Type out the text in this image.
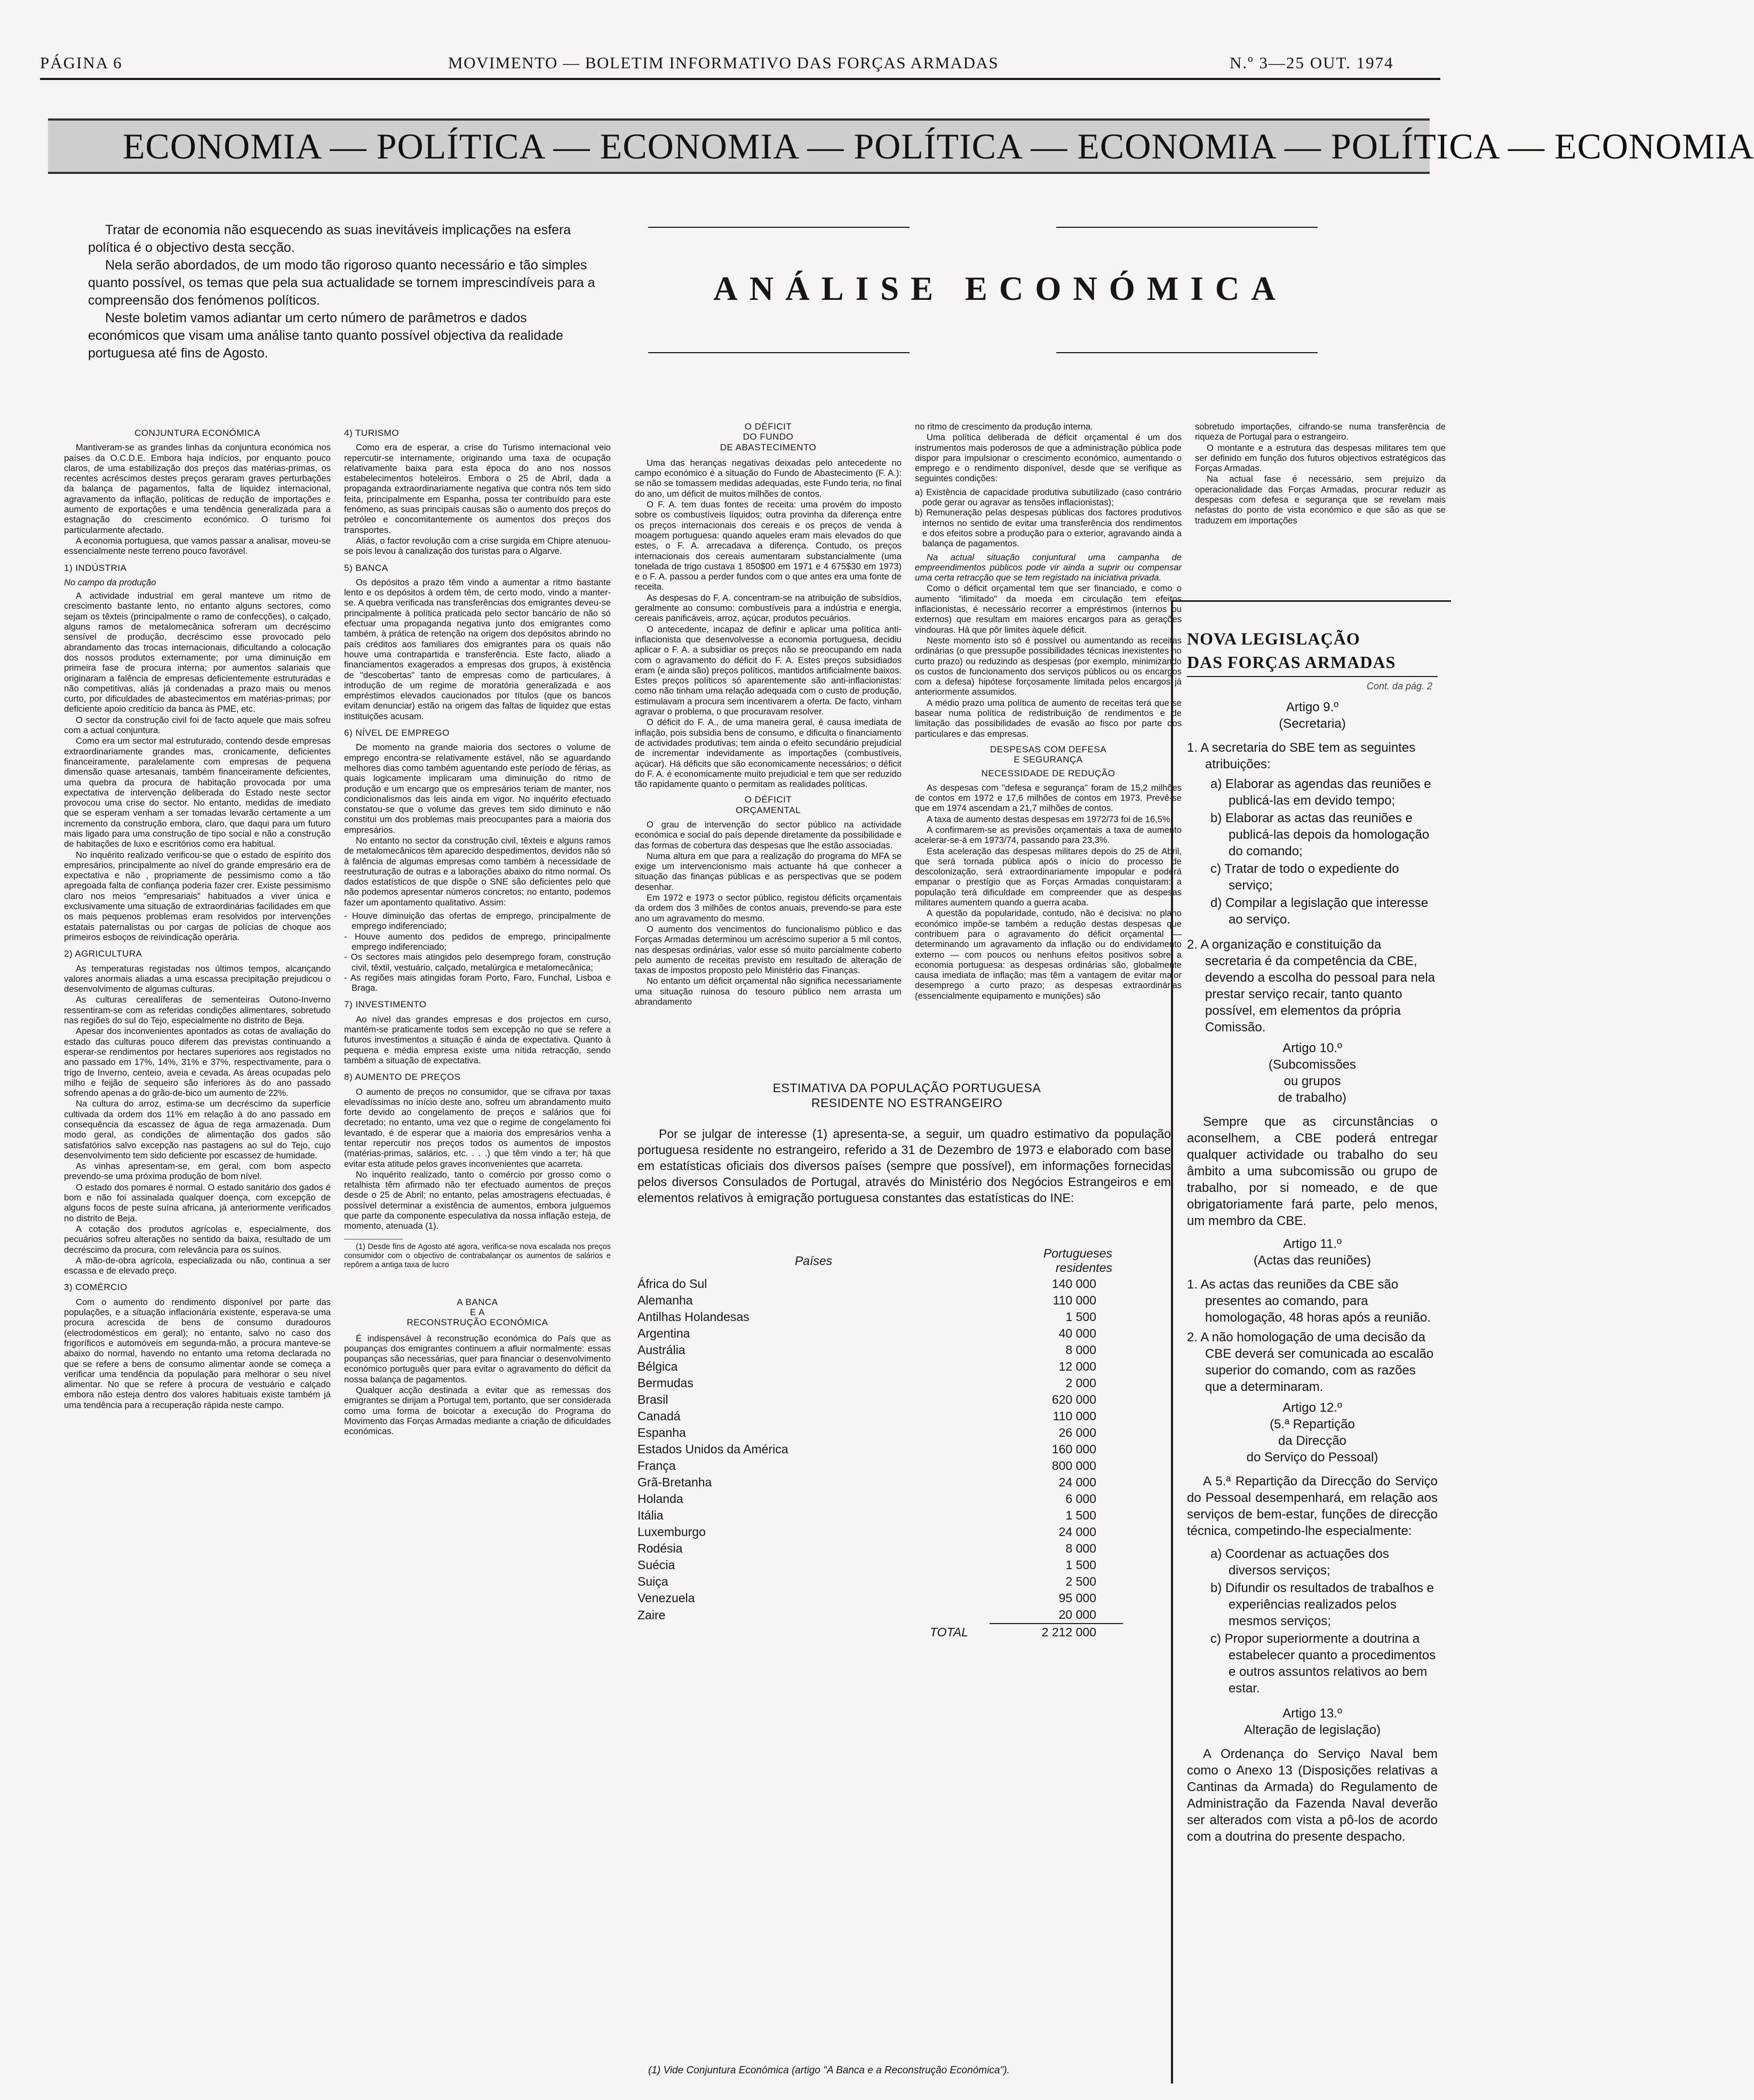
PÁGINA 6	MOVIMENTO — BOLETIM INFORMATIVO DAS FORÇAS ARMADAS	N.º 3—25 OUT. 1974
ECONOMIA — POLÍTICA — ECONOMIA — POLÍTICA — ECONOMIA — POLÍTICA — ECONOMIA

Tratar de economia não esquecendo as suas inevitáveis implicações na esfera política é o objectivo desta secção.

Nela serão abordados, de um modo tão rigoroso quanto necessário e tão simples quanto possível, os temas que pela sua actualidade se tornem imprescindíveis para a compreensão dos fenómenos políticos.

Neste boletim vamos adiantar um certo número de parâmetros e dados económicos que visam uma análise tanto quanto possível objectiva da realidade portuguesa até fins de Agosto.

ANÁLISE ECONÓMICA
CONJUNTURA ECONÓMICA

Mantiveram-se as grandes linhas da conjuntura económica nos países da O.C.D.E. Embora haja indícios, por enquanto pouco claros, de uma estabilização dos preços das matérias-primas, os recentes acréscimos destes preços geraram graves perturbações da balança de pagamentos, falta de liquidez internacional, agravamento da inflação, políticas de redução de importações e aumento de exportações e uma tendência generalizada para a estagnação do crescimento económico. O turismo foi particularmente afectado.

A economia portuguesa, que vamos passar a analisar, moveu-se essencialmente neste terreno pouco favorável.

1) INDÚSTRIA

No campo da produção

A actividade industrial em geral manteve um ritmo de crescimento bastante lento, no entanto alguns sectores, como sejam os têxteis (principalmente o ramo de confecções), o calçado, alguns ramos de metalomecânica sofreram um decréscimo sensível de produção, decréscimo esse provocado pelo abrandamento das trocas internacionais, dificultando a colocação dos nossos produtos externamente; por uma diminuição em primeira fase de procura interna; por aumentos salariais que originaram a falência de empresas deficientemente estruturadas e não competitivas, aliás já condenadas a prazo mais ou menos curto, por dificuldades de abastecimentos em matérias-primas; por deficiente apoio creditício da banca às PME, etc.

O sector da construção civil foi de facto aquele que mais sofreu com a actual conjuntura.

Como era um sector mal estruturado, contendo desde empresas extraordinariamente grandes mas, cronicamente, deficientes financeiramente, paralelamente com empresas de pequena dimensão quase artesanais, também financeiramente deficientes, uma quebra da procura de habitação provocada por uma expectativa de intervenção deliberada do Estado neste sector provocou uma crise do sector. No entanto, medidas de imediato que se esperam venham a ser tomadas levarão certamente a um incremento da construção embora, claro, que daqui para um futuro mais ligado para uma construção de tipo social e não a construção de habitações de luxo e escritórios como era habitual.

No inquérito realizado verificou-se que o estado de espírito dos empresários, principalmente ao nível do grande empresário era de expectativa e não , propriamente de pessimismo como a tão apregoada falta de confiança poderia fazer crer. Existe pessimismo claro nos meios "empresariais" habituados a viver única e exclusivamente uma situação de extraordinárias facilidades em que os mais pequenos problemas eram resolvidos por intervenções estatais paternalistas ou por cargas de polícias de choque aos primeiros esboços de reivindicação operária.

2) AGRICULTURA

As temperaturas registadas nos últimos tempos, alcançando valores anormais aliadas a uma escassa precipitação prejudicou o desenvolvimento de algumas culturas.

As culturas cerealíferas de sementeiras Outono-Inverno ressentiram-se com as referidas condições alimentares, sobretudo nas regiões do sul do Tejo, especialmente no distrito de Beja.

Apesar dos inconvenientes apontados as cotas de avaliação do estado das culturas pouco diferem das previstas continuando a esperar-se rendimentos por hectares superiores aos registados no ano passado em 17%, 14%, 31% e 37%, respectivamente, para o trigo de Inverno, centeio, aveia e cevada. As áreas ocupadas pelo milho e feijão de sequeiro são inferiores às do ano passado sofrendo apenas a do grão-de-bico um aumento de 22%.

Na cultura do arroz, estima-se um decréscimo da superfície cultivada da ordem dos 11% em relação à do ano passado em consequência da escassez de água de rega armazenada. Dum modo geral, as condições de alimentação dos gados são satisfatórios salvo excepção nas pastagens ao sul do Tejo, cujo desenvolvimento tem sido deficiente por escassez de humidade.

As vinhas apresentam-se, em geral, com bom aspecto prevendo-se uma próxima produção de bom nível.

O estado dos pomares é normal. O estado sanitário dos gados é bom e não foi assinalada qualquer doença, com excepção de alguns focos de peste suína africana, já anteriormente verificados no distrito de Beja.

A cotação dos produtos agrícolas e, especialmente, dos pecuários sofreu alterações no sentido da baixa, resultado de um decréscimo da procura, com relevância para os suínos.

A mão-de-obra agrícola, especializada ou não, continua a ser escassa e de elevado preço.

3) COMÉRCIO

Com o aumento do rendimento disponível por parte das populações, e a situação inflacionária existente, esperava-se uma procura acrescida de bens de consumo duradouros (electrodomésticos em geral); no entanto, salvo no caso dos frigoríficos e automóveis em segunda-mão, a procura manteve-se abaixo do normal, havendo no entanto uma retoma declarada no que se refere a bens de consumo alimentar aonde se começa a verificar uma tendência da população para melhorar o seu nível alimentar. No que se refere à procura de vestuário e calçado embora não esteja dentro dos valores habituais existe também já uma tendência para a recuperação rápida neste campo.

4) TURISMO

Como era de esperar, a crise do Turismo internacional veio repercutir-se internamente, originando uma taxa de ocupação relativamente baixa para esta época do ano nos nossos estabelecimentos hoteleiros. Embora o 25 de Abril, dada a propaganda extraordinariamente negativa que contra nós tem sido feita, principalmente em Espanha, possa ter contribuído para este fenómeno, as suas principais causas são o aumento dos preços do petróleo e concomitantemente os aumentos dos preços dos transportes.

Aliás, o factor revolução com a crise surgida em Chipre atenuou-se pois levou à canalização dos turistas para o Algarve.

5) BANCA

Os depósitos a prazo têm vindo a aumentar a ritmo bastante lento e os depósitos à ordem têm, de certo modo, vindo a manter-se. A quebra verificada nas transferências dos emigrantes deveu-se principalmente à política praticada pelo sector bancário de não só efectuar uma propaganda negativa junto dos emigrantes como também, à prática de retenção na origem dos depósitos abrindo no país créditos aos familiares dos emigrantes para os quais não houve uma contrapartida e transferência. Este facto, aliado a financiamentos exagerados a empresas dos grupos, à existência de "descobertas" tanto de empresas como de particulares, à introdução de um regime de moratória generalizada e aos empréstimos elevados caucionados por títulos (que os bancos evitam denunciar) estão na origem das faltas de liquidez que estas instituições acusam.

6) NÍVEL DE EMPREGO

De momento na grande maioria dos sectores o volume de emprego encontra-se relativamente estável, não se aguardando melhores dias como também aguentando este período de férias, as quais logicamente implicaram uma diminuição do ritmo de produção e um encargo que os empresários teriam de manter, nos condicionalismos das leis ainda em vigor. No inquérito efectuado constatou-se que o volume das greves tem sido diminuto e não constitui um dos problemas mais preocupantes para a maioria dos empresários.

No entanto no sector da construção civil, têxteis e alguns ramos de metalomecânicos têm aparecido despedimentos, devidos não só à falência de algumas empresas como também à necessidade de reestruturação de outras e a laborações abaixo do ritmo normal. Os dados estatísticos de que dispõe o SNE são deficientes pelo que não podemos apresentar números concretos; no entanto, podemos fazer um apontamento qualitativo. Assim:

- Houve diminuição das ofertas de emprego, principalmente de emprego indiferenciado;
- Houve aumento dos pedidos de emprego, principalmente emprego indiferenciado;
- Os sectores mais atingidos pelo desemprego foram, construção civil, têxtil, vestuário, calçado, metalúrgica e metalomecânica;
- As regiões mais atingidas foram Porto, Faro, Funchal, Lisboa e Braga.
7) INVESTIMENTO

Ao nível das grandes empresas e dos projectos em curso, mantém-se praticamente todos sem excepção no que se refere a futuros investimentos a situação é ainda de expectativa. Quanto à pequena e média empresa existe uma nítida retracção, sendo também a situação de expectativa.

8) AUMENTO DE PREÇOS

O aumento de preços no consumidor, que se cifrava por taxas elevadíssimas no início deste ano, sofreu um abrandamento muito forte devido ao congelamento de preços e salários que foi decretado; no entanto, uma vez que o regime de congelamento foi levantado, é de esperar que a maioria dos empresários venha a tentar repercutir nos preços todos os aumentos de impostos (matérias-primas, salários, etc. . . .) que têm vindo a ter; há que evitar esta atitude pelos graves inconvenientes que acarreta.

No inquérito realizado, tanto o comércio por grosso como o retalhista têm afirmado não ter efectuado aumentos de preços desde o 25 de Abril; no entanto, pelas amostragens efectuadas, é possível determinar a existência de aumentos, embora julguemos que parte da componente especulativa da nossa inflação esteja, de momento, atenuada (1).

(1) Desde fins de Agosto até agora, verifica-se nova escalada nos preços consumidor com o objectivo de contrabalançar os aumentos de salários e repôrem a antiga taxa de lucro

A BANCA
E A
RECONSTRUÇÃO ECONÓMICA

É indispensável à reconstrução económica do País que as poupanças dos emigrantes continuem a afluir normalmente: essas poupanças são necessárias, quer para financiar o desenvolvimento económico português quer para evitar o agravamento do déficit da nossa balança de pagamentos.

Qualquer acção destinada a evitar que as remessas dos emigrantes se dirijam a Portugal tem, portanto, que ser considerada como uma forma de boicotar a execução do Programa do Movimento das Forças Armadas mediante a criação de dificuldades económicas.

O DÉFICIT
DO FUNDO
DE ABASTECIMENTO

Uma das heranças negativas deixadas pelo antecedente no campo económico é a situação do Fundo de Abastecimento (F. A.): se não se tomassem medidas adequadas, este Fundo teria, no final do ano, um déficit de muitos milhões de contos.

O F. A. tem duas fontes de receita: uma provém do imposto sobre os combustíveis líquidos; outra provinha da diferença entre os preços internacionais dos cereais e os preços de venda à moagem portuguesa: quando aqueles eram mais elevados do que estes, o F. A. arrecadava a diferença. Contudo, os preços internacionais dos cereais aumentaram substancialmente (uma tonelada de trigo custava 1 850$00 em 1971 e 4 675$30 em 1973) e o F. A. passou a perder fundos com o que antes era uma fonte de receita.

As despesas do F. A. concentram-se na atribuição de subsídios, geralmente ao consumo: combustíveis para a indústria e energia, cereais panificáveis, arroz, açúcar, produtos pecuários.

O antecedente, incapaz de definir e aplicar uma política anti-inflacionista que desenvolvesse a economia portuguesa, decidiu aplicar o F. A. a subsidiar os preços não se preocupando em nada com o agravamento do déficit do F. A. Estes preços subsidiados eram (e ainda são) preços políticos, mantidos artificialmente baixos. Estes preços políticos só aparentemente são anti-inflacionistas: como não tinham uma relação adequada com o custo de produção, estimulavam a procura sem incentivarem a oferta. De facto, vinham agravar o problema, o que procuravam resolver.

O déficit do F. A., de uma maneira geral, é causa imediata de inflação, pois subsidia bens de consumo, e dificulta o financiamento de actividades produtivas; tem ainda o efeito secundário prejudicial de incrementar indevidamente as importações (combustíveis, açúcar). Há déficits que são economicamente necessários; o déficit do F. A. é economicamente muito prejudicial e tem que ser reduzido tão rapidamente quanto o permitam as realidades políticas.

O DÉFICIT
ORÇAMENTAL

O grau de intervenção do sector público na actividade económica e social do país depende diretamente da possibilidade e das formas de cobertura das despesas que lhe estão associadas.

Numa altura em que para a realização do programa do MFA se exige um intervencionismo mais actuante há que conhecer a situação das finanças públicas e as perspectivas que se podem desenhar.

Em 1972 e 1973 o sector público, registou déficits orçamentais da ordem dos 3 milhões de contos anuais, prevendo-se para este ano um agravamento do mesmo.

O aumento dos vencimentos do funcionalismo público e das Forças Armadas determinou um acréscimo superior a 5 mil contos, nas despesas ordinárias, valor esse só muito parcialmente coberto pelo aumento de receitas previsto em resultado de alteração de taxas de impostos proposto pelo Ministério das Finanças.

No entanto um déficit orçamental não significa necessariamente uma situação ruinosa do tesouro público nem arrasta um abrandamento

no ritmo de crescimento da produção interna.

Uma política deliberada de déficit orçamental é um dos instrumentos mais poderosos de que a administração pública pode dispor para impulsionar o crescimento económico, aumentando o emprego e o rendimento disponível, desde que se verifique as seguintes condições:

a) Existência de capacidade produtiva subutilizado (caso contrário pode gerar ou agravar as tensões inflacionistas);
b) Remuneração pelas despesas públicas dos factores produtivos internos no sentido de evitar uma transferência dos rendimentos e dos efeitos sobre a produção para o exterior, agravando ainda a balança de pagamentos.

Na actual situação conjuntural uma campanha de empreendimentos públicos pode vir ainda a suprir ou compensar uma certa retracção que se tem registado na iniciativa privada.

Como o déficit orçamental tem que ser financiado, e como o aumento "ilimitado" da moeda em circulação tem efeitos inflacionistas, é necessário recorrer a empréstimos (internos ou externos) que resultam em maiores encargos para as gerações vindouras. Há que pôr limites àquele déficit.

Neste momento isto só é possível ou aumentando as receitas ordinárias (o que pressupõe possibilidades técnicas inexistentes no curto prazo) ou reduzindo as despesas (por exemplo, minimizando os custos de funcionamento dos serviços públicos ou os encargos com a defesa) hipótese forçosamente limitada pelos encargos já anteriormente assumidos.

A médio prazo uma política de aumento de receitas terá que se basear numa política de redistribuição de rendimentos e de limitação das possibilidades de evasão ao fisco por parte dos particulares e das empresas.

DESPESAS COM DEFESA
E SEGURANÇA
NECESSIDADE DE REDUÇÃO

As despesas com "defesa e segurança" foram de 15,2 milhões de contos em 1972 e 17,6 milhões de contos em 1973. Prevê-se que em 1974 ascendam a 21,7 milhões de contos.

A taxa de aumento destas despesas em 1972/73 foi de 16,5%.

A confirmarem-se as previsões orçamentais a taxa de aumento acelerar-se-á em 1973/74, passando para 23,3%.

Esta aceleração das despesas militares depois do 25 de Abril, que será tornada pública após o início do processo de descolonização, será extraordinariamente impopular e poderá empanar o prestígio que as Forças Armadas conquistaram: a população terá dificuldade em compreender que as despesas militares aumentem quando a guerra acaba.

A questão da popularidade, contudo, não é decisiva: no plano económico impõe-se também a redução destas despesas que contribuem para o agravamento do déficit orçamental — determinando um agravamento da inflação ou do endividamento externo — com poucos ou nenhuns efeitos positivos sobre a economia portuguesa: as despesas ordinárias são, globalmente causa imediata de inflação; mas têm a vantagem de evitar maior desemprego a curto prazo; as despesas extraordinárias (essencialmente equipamento e munições) são

sobretudo importações, cifrando-se numa transferência de riqueza de Portugal para o estrangeiro.

O montante e a estrutura das despesas militares tem que ser definido em função dos futuros objectivos estratégicos das Forças Armadas.

Na actual fase é necessário, sem prejuízo da operacionalidade das Forças Armadas, procurar reduzir as despesas com defesa e segurança que se revelam mais nefastas do ponto de vista económico e que são as que se traduzem em importações

NOVA LEGISLAÇÃO
DAS FORÇAS ARMADAS
Cont. da pág. 2
Artigo 9.º
(Secretaria)
1. A secretaria do SBE tem as seguintes atribuições:
a) Elaborar as agendas das reuniões e publicá-las em devido tempo;
b) Elaborar as actas das reuniões e publicá-las depois da homologação do comando;
c) Tratar de todo o expediente do serviço;
d) Compilar a legislação que interesse ao serviço.
2. A organização e constituição da secretaria é da competência da CBE, devendo a escolha do pessoal para nela prestar serviço recair, tanto quanto possível, em elementos da própria Comissão.
Artigo 10.º
(Subcomissões
ou grupos
de trabalho)

Sempre que as circunstâncias o aconselhem, a CBE poderá entregar qualquer actividade ou trabalho do seu âmbito a uma subcomissão ou grupo de trabalho, por si nomeado, e de que obrigatoriamente fará parte, pelo menos, um membro da CBE.

Artigo 11.º
(Actas das reuniões)
1. As actas das reuniões da CBE são presentes ao comando, para homologação, 48 horas após a reunião.
2. A não homologação de uma decisão da CBE deverá ser comunicada ao escalão superior do comando, com as razões que a determinaram.
Artigo 12.º
(5.ª Repartição
da Direcção
do Serviço do Pessoal)

A 5.ª Repartição da Direcção do Serviço do Pessoal desempenhará, em relação aos serviços de bem-estar, funções de direcção técnica, competindo-lhe especialmente:

a) Coordenar as actuações dos diversos serviços;
b) Difundir os resultados de trabalhos e experiências realizados pelos mesmos serviços;
c) Propor superiormente a doutrina a estabelecer quanto a procedimentos e outros assuntos relativos ao bem estar.
Artigo 13.º
Alteração de legislação)

A Ordenança do Serviço Naval bem como o Anexo 13 (Disposições relativas a Cantinas da Armada) do Regulamento de Administração da Fazenda Naval deverão ser alterados com vista a pô-los de acordo com a doutrina do presente despacho.

ESTIMATIVA DA POPULAÇÃO PORTUGUESA
RESIDENTE NO ESTRANGEIRO
Por se julgar de interesse (1) apresenta-se, a seguir, um quadro estimativo da população portuguesa residente no estrangeiro, referido a 31 de Dezembro de 1973 e elaborado com base em estatísticas oficiais dos diversos países (sempre que possível), em informações fornecidas pelos diversos Consulados de Portugal, através do Ministério dos Negócios Estrangeiros e em elementos relativos à emigração portuguesa constantes das estatísticas do INE:
Países	Portugueses residentes
África do Sul	140 000
Alemanha	110 000
Antilhas Holandesas	1 500
Argentina	40 000
Austrália	8 000
Bélgica	12 000
Bermudas	2 000
Brasil	620 000
Canadá	110 000
Espanha	26 000
Estados Unidos da América	160 000
França	800 000
Grã-Bretanha	24 000
Holanda	6 000
Itália	1 500
Luxemburgo	24 000
Rodésia	8 000
Suécia	1 500
Suiça	2 500
Venezuela	95 000
Zaire	20 000
TOTAL	2 212 000
(1) Vide Conjuntura Económica (artigo "A Banca e a Reconstrução Económica").
